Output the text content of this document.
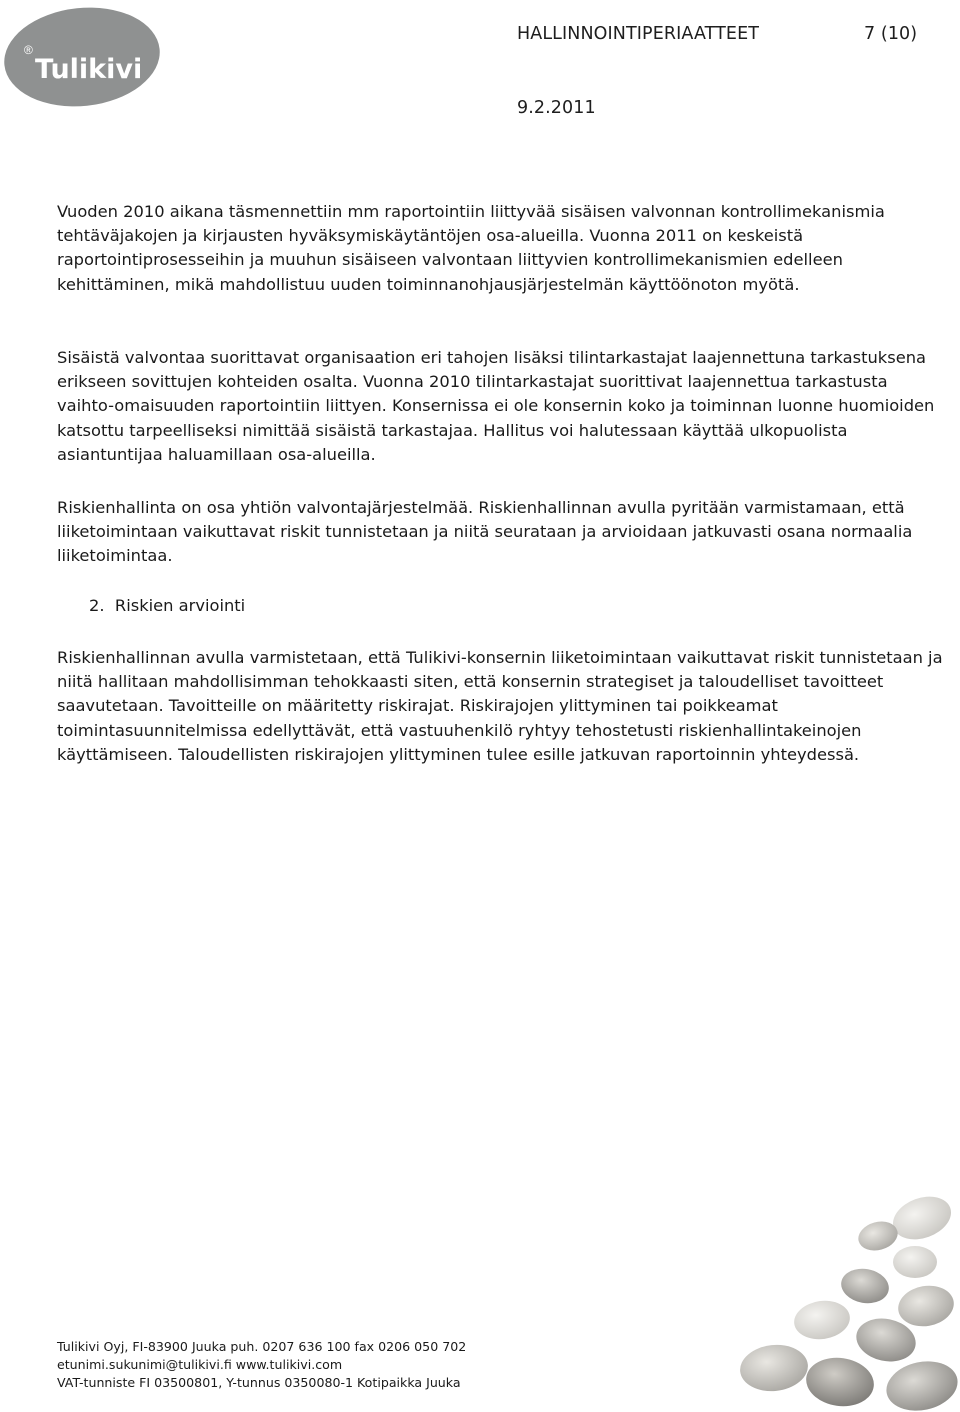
®
Tulikivi
HALLINNOINTIPERIAATTEET	7 (10)
9.2.2011

Vuoden 2010 aikana täsmennettiin mm raportointiin liittyvää sisäisen valvonnan kontrollimekanismia tehtäväjakojen ja kirjausten hyväksymiskäytäntöjen osa-alueilla. Vuonna 2011 on keskeistä raportointiprosesseihin ja muuhun sisäiseen valvontaan liittyvien kontrollimekanismien edelleen kehittäminen, mikä mahdollistuu uuden toiminnanohjausjärjestelmän käyttöönoton myötä.

Sisäistä valvontaa suorittavat organisaation eri tahojen lisäksi tilintarkastajat laajennettuna tarkastuksena erikseen sovittujen kohteiden osalta. Vuonna 2010 tilintarkastajat suorittivat laajennettua tarkastusta vaihto-omaisuuden raportointiin liittyen. Konsernissa ei ole konsernin koko ja toiminnan luonne huomioiden katsottu tarpeelliseksi nimittää sisäistä tarkastajaa. Hallitus voi halutessaan käyttää ulkopuolista asiantuntijaa haluamillaan osa-alueilla.

Riskienhallinta on osa yhtiön valvontajärjestelmää. Riskienhallinnan avulla pyritään varmistamaan, että liiketoimintaan vaikuttavat riskit tunnistetaan ja niitä seurataan ja arvioidaan jatkuvasti osana normaalia liiketoimintaa.

2.  Riskien arviointi

Riskienhallinnan avulla varmistetaan, että Tulikivi-konsernin liiketoimintaan vaikuttavat riskit tunnistetaan ja niitä hallitaan mahdollisimman tehokkaasti siten, että konsernin strategiset ja taloudelliset tavoitteet saavutetaan. Tavoitteille on määritetty riskirajat. Riskirajojen ylittyminen tai poikkeamat toimintasuunnitelmissa edellyttävät, että vastuuhenkilö ryhtyy tehostetusti riskienhallintakeinojen käyttämiseen. Taloudellisten riskirajojen ylittyminen tulee esille jatkuvan raportoinnin yhteydessä.

Tulikivi Oyj, FI-83900 Juuka puh. 0207 636 100 fax 0206 050 702
etunimi.sukunimi@tulikivi.fi www.tulikivi.com
VAT-tunniste FI 03500801, Y-tunnus 0350080-1 Kotipaikka Juuka
